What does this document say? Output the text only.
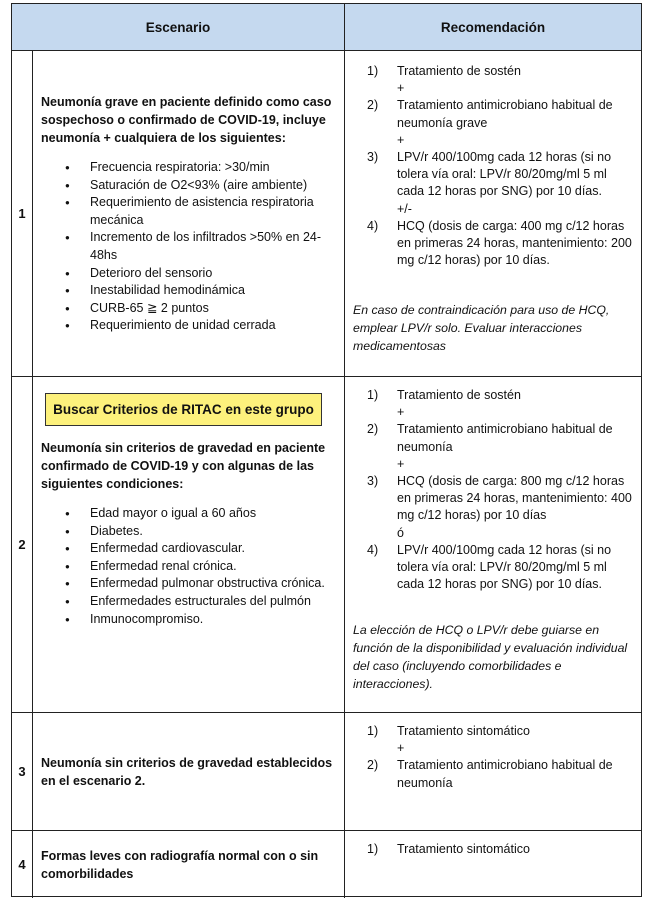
Escenario	Recomendación
1

Neumonía grave en paciente definido como caso sospechoso o confirmado de COVID-19, incluye neumonía + cualquiera de los siguientes:

● Frecuencia respiratoria: >30/min
● Saturación de O2<93% (aire ambiente)
● Requerimiento de asistencia respiratoria mecánica
● Incremento de los infiltrados >50% en 24-48hs
● Deterioro del sensorio
● Inestabilidad hemodinámica
● CURB-65 ≧ 2 puntos
● Requerimiento de unidad cerrada
1) Tratamiento de sostén
+
2) Tratamiento antimicrobiano habitual de neumonía grave
+
3) LPV/r 400/100mg cada 12 horas (si no tolera vía oral: LPV/r 80/20mg/ml 5 ml cada 12 horas por SNG) por 10 días.
+/-
4) HCQ (dosis de carga: 400 mg c/12 horas en primeras 24 horas, mantenimiento: 200 mg c/12 horas) por 10 días.

En caso de contraindicación para uso de HCQ, emplear LPV/r solo. Evaluar interacciones medicamentosas

2
Buscar Criterios de RITAC en este grupo

Neumonía sin criterios de gravedad en paciente confirmado de COVID-19 y con algunas de las siguientes condiciones:

● Edad mayor o igual a 60 años
● Diabetes.
● Enfermedad cardiovascular.
● Enfermedad renal crónica.
● Enfermedad pulmonar obstructiva crónica.
● Enfermedades estructurales del pulmón
● Inmunocompromiso.
1) Tratamiento de sostén
+
2) Tratamiento antimicrobiano habitual de neumonía
+
3) HCQ (dosis de carga: 800 mg c/12 horas en primeras 24 horas, mantenimiento: 400 mg c/12 horas) por 10 días
ó
4) LPV/r 400/100mg cada 12 horas (si no tolera vía oral: LPV/r 80/20mg/ml 5 ml cada 12 horas por SNG) por 10 días.

La elección de HCQ o LPV/r debe guiarse en función de la disponibilidad y evaluación individual del caso (incluyendo comorbilidades e interacciones).

3

Neumonía sin criterios de gravedad establecidos en el escenario 2.

1) Tratamiento sintomático
+
2) Tratamiento antimicrobiano habitual de neumonía
4

Formas leves con radiografía normal con o sin comorbilidades

1) Tratamiento sintomático
